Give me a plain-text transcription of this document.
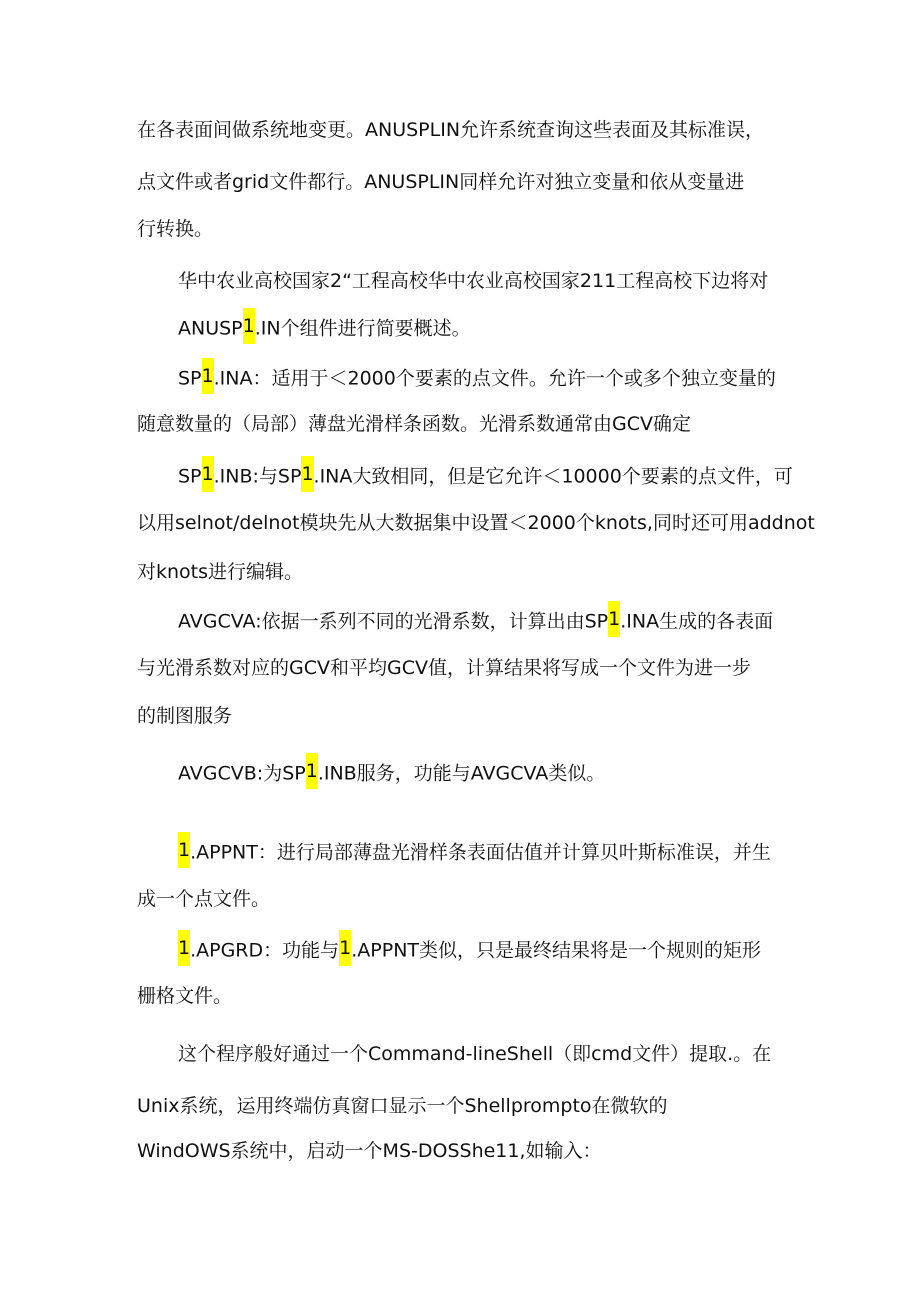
在各表面间做系统地变更。ANUSPLIN允许系统查询这些表面及其标准误，
点文件或者grid文件都行。ANUSPLIN同样允许对独立变量和依从变量进
行转换。
华中农业高校国家2“工程高校华中农业高校国家211工程高校下边将对
ANUSP1.IN个组件进行简要概述。
SP1.INA：适用于＜2000个要素的点文件。允许一个或多个独立变量的
随意数量的（局部）薄盘光滑样条函数。光滑系数通常由GCV确定
SP1.INB:与SP1.INA大致相同，但是它允许＜10000个要素的点文件，可
以用selnot/delnot模块先从大数据集中设置＜2000个knots,同时还可用addnot
对knots进行编辑。
AVGCVA:依据一系列不同的光滑系数，计算出由SP1.INA生成的各表面
与光滑系数对应的GCV和平均GCV值，计算结果将写成一个文件为进一步
的制图服务
AVGCVB:为SP1.INB服务，功能与AVGCVA类似。
1.APPNT：进行局部薄盘光滑样条表面估值并计算贝叶斯标准误，并生
成一个点文件。
1.APGRD：功能与1.APPNT类似，只是最终结果将是一个规则的矩形
栅格文件。
这个程序般好通过一个Command-lineShell（即cmd文件）提取.。在
Unix系统，运用终端仿真窗口显示一个Shellprompto在微软的
WindOWS系统中，启动一个MS-DOSShe11,如输入：
